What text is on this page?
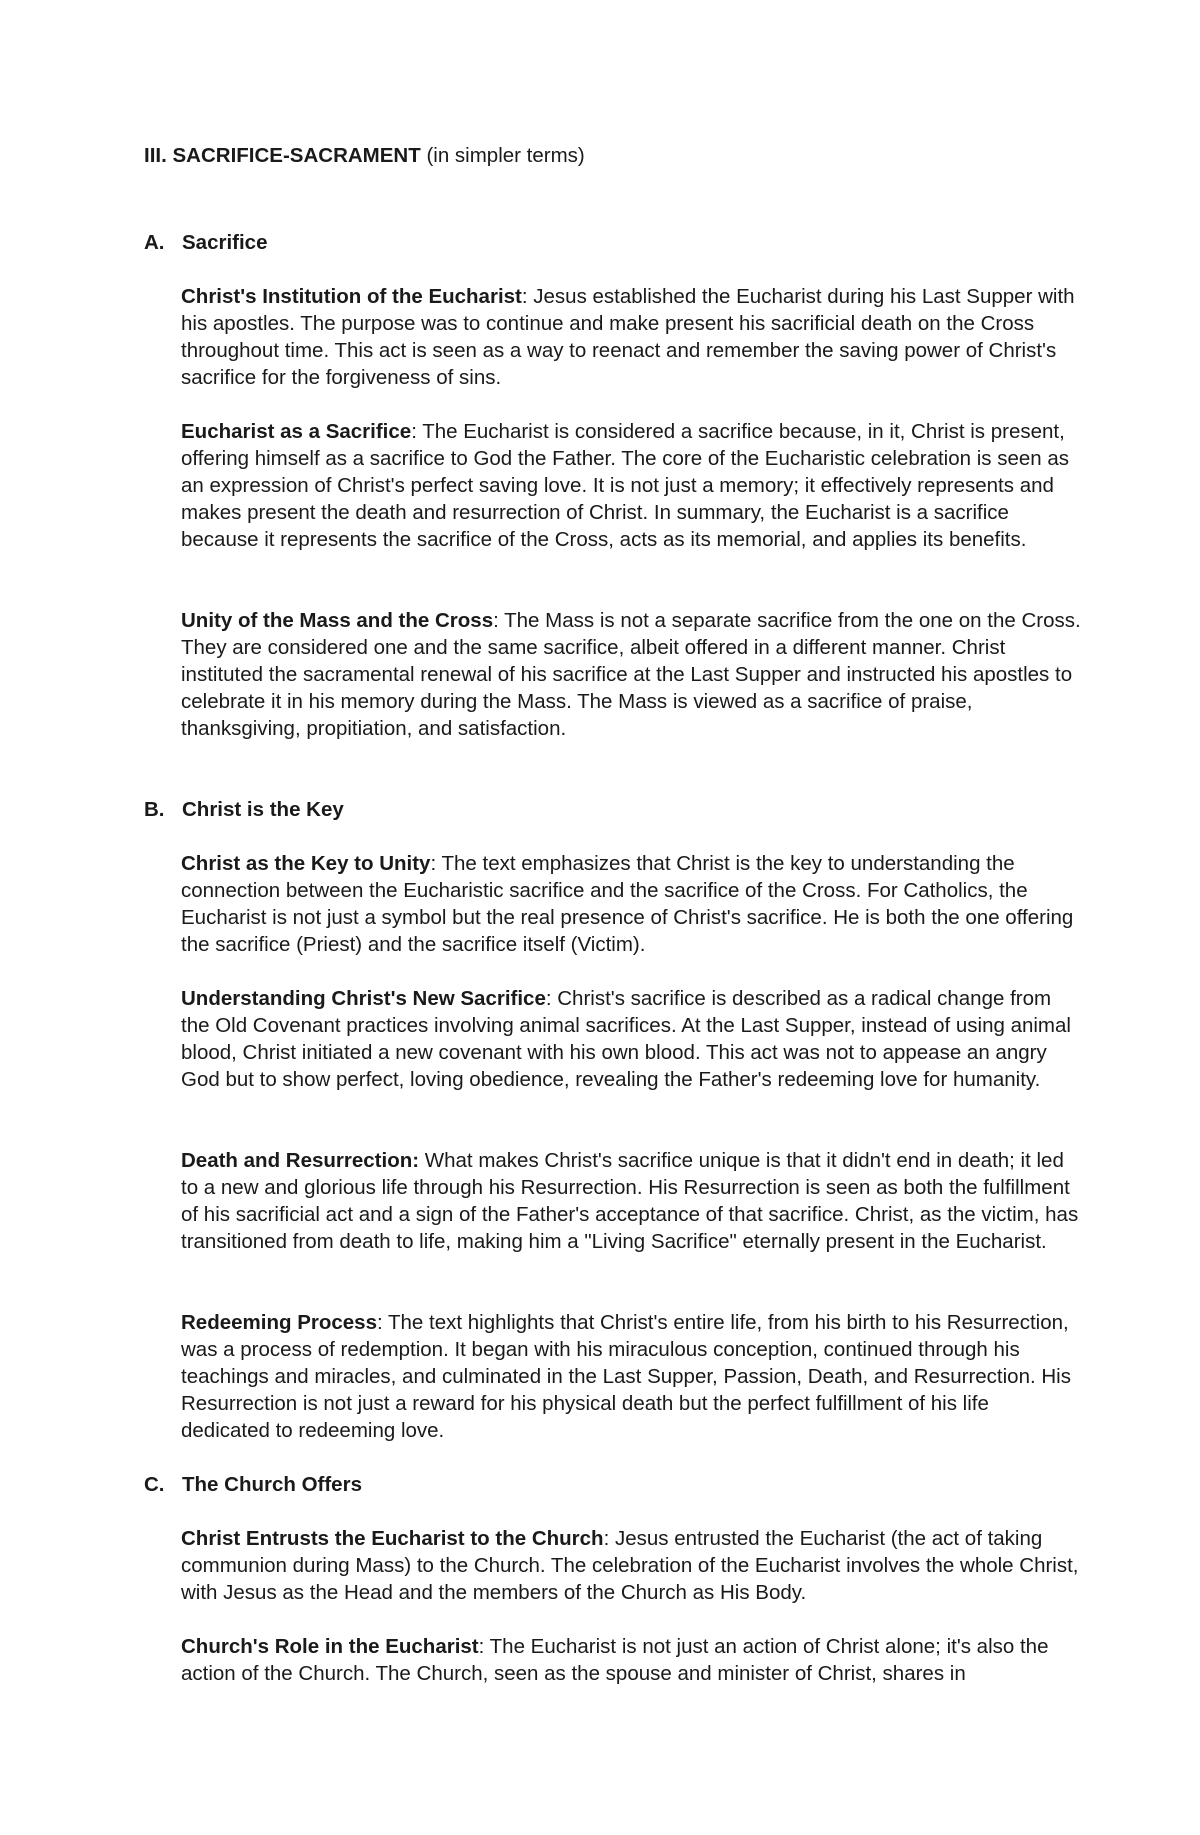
III. SACRIFICE-SACRAMENT (in simpler terms)
A. Sacrifice

Christ's Institution of the Eucharist: Jesus established the Eucharist during his Last Supper with his apostles. The purpose was to continue and make present his sacrificial death on the Cross throughout time. This act is seen as a way to reenact and remember the saving power of Christ's sacrifice for the forgiveness of sins.

Eucharist as a Sacrifice: The Eucharist is considered a sacrifice because, in it, Christ is present, offering himself as a sacrifice to God the Father. The core of the Eucharistic celebration is seen as an expression of Christ's perfect saving love. It is not just a memory; it effectively represents and makes present the death and resurrection of Christ. In summary, the Eucharist is a sacrifice because it represents the sacrifice of the Cross, acts as its memorial, and applies its benefits.

Unity of the Mass and the Cross: The Mass is not a separate sacrifice from the one on the Cross. They are considered one and the same sacrifice, albeit offered in a different manner. Christ instituted the sacramental renewal of his sacrifice at the Last Supper and instructed his apostles to celebrate it in his memory during the Mass. The Mass is viewed as a sacrifice of praise, thanksgiving, propitiation, and satisfaction.

B. Christ is the Key

Christ as the Key to Unity: The text emphasizes that Christ is the key to understanding the connection between the Eucharistic sacrifice and the sacrifice of the Cross. For Catholics, the Eucharist is not just a symbol but the real presence of Christ's sacrifice. He is both the one offering the sacrifice (Priest) and the sacrifice itself (Victim).

Understanding Christ's New Sacrifice: Christ's sacrifice is described as a radical change from the Old Covenant practices involving animal sacrifices. At the Last Supper, instead of using animal blood, Christ initiated a new covenant with his own blood. This act was not to appease an angry God but to show perfect, loving obedience, revealing the Father's redeeming love for humanity.

Death and Resurrection: What makes Christ's sacrifice unique is that it didn't end in death; it led to a new and glorious life through his Resurrection. His Resurrection is seen as both the fulfillment of his sacrificial act and a sign of the Father's acceptance of that sacrifice. Christ, as the victim, has transitioned from death to life, making him a "Living Sacrifice" eternally present in the Eucharist.

Redeeming Process: The text highlights that Christ's entire life, from his birth to his Resurrection, was a process of redemption. It began with his miraculous conception, continued through his teachings and miracles, and culminated in the Last Supper, Passion, Death, and Resurrection. His Resurrection is not just a reward for his physical death but the perfect fulfillment of his life dedicated to redeeming love.

C. The Church Offers

Christ Entrusts the Eucharist to the Church: Jesus entrusted the Eucharist (the act of taking communion during Mass) to the Church. The celebration of the Eucharist involves the whole Christ, with Jesus as the Head and the members of the Church as His Body.

Church's Role in the Eucharist: The Eucharist is not just an action of Christ alone; it's also the action of the Church. The Church, seen as the spouse and minister of Christ, shares in
